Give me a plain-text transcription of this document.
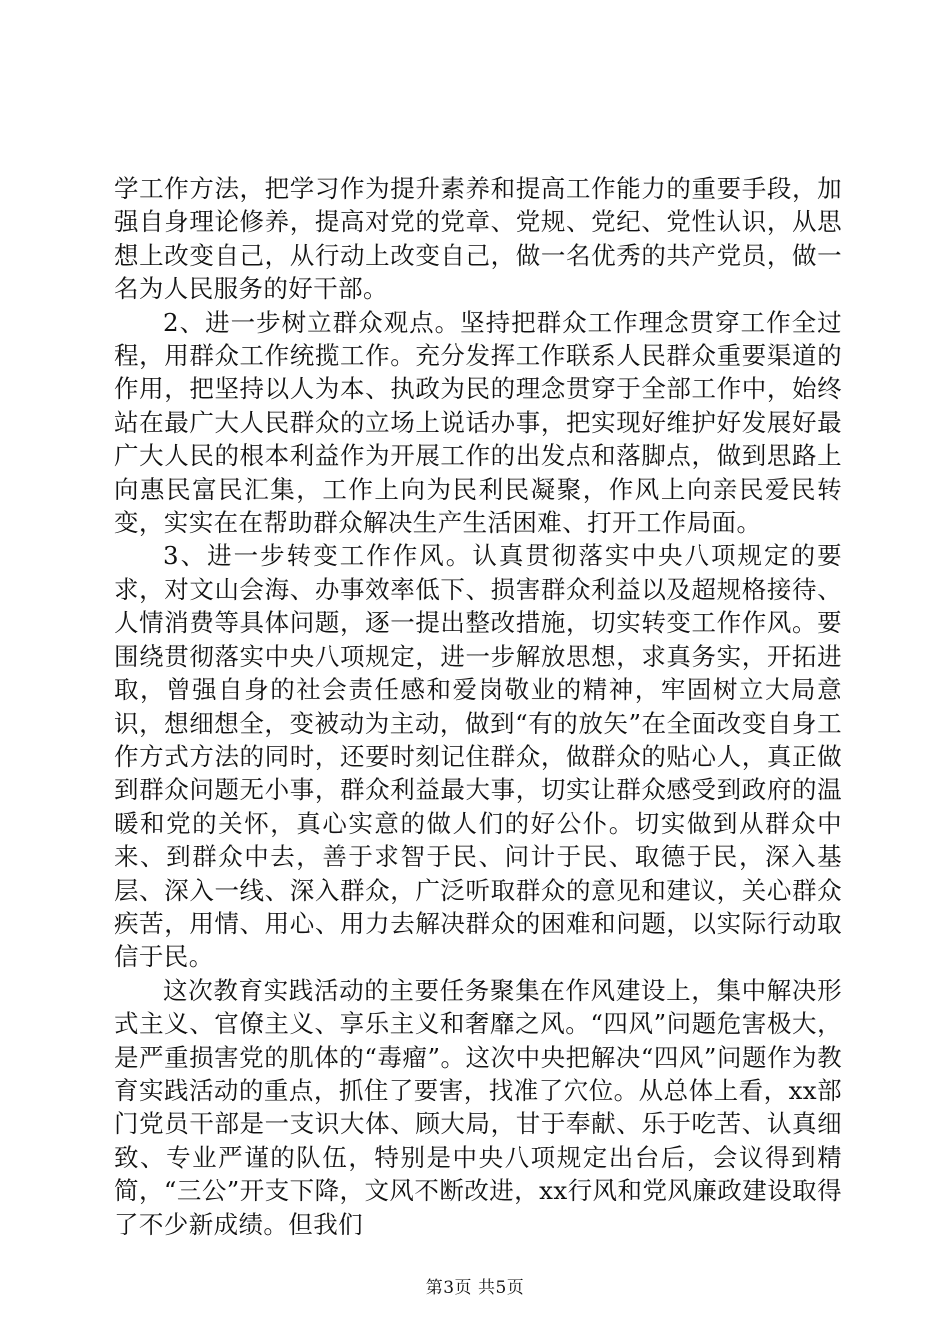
学工作方法，把学习作为提升素养和提高工作能力的重要手段，加强自身理论修养，提高对党的党章、党规、党纪、党性认识，从思想上改变自己，从行动上改变自己，做一名优秀的共产党员，做一名为人民服务的好干部。

2、进一步树立群众观点。坚持把群众工作理念贯穿工作全过程，用群众工作统揽工作。充分发挥工作联系人民群众重要渠道的作用，把坚持以人为本、执政为民的理念贯穿于全部工作中，始终站在最广大人民群众的立场上说话办事，把实现好维护好发展好最广大人民的根本利益作为开展工作的出发点和落脚点，做到思路上向惠民富民汇集，工作上向为民利民凝聚，作风上向亲民爱民转变，实实在在帮助群众解决生产生活困难、打开工作局面。

3、进一步转变工作作风。认真贯彻落实中央八项规定的要求，对文山会海、办事效率低下、损害群众利益以及超规格接待、人情消费等具体问题，逐一提出整改措施，切实转变工作作风。要围绕贯彻落实中央八项规定，进一步解放思想，求真务实，开拓进取，曾强自身的社会责任感和爱岗敬业的精神，牢固树立大局意识，想细想全，变被动为主动，做到“有的放矢”在全面改变自身工作方式方法的同时，还要时刻记住群众，做群众的贴心人，真正做到群众问题无小事，群众利益最大事，切实让群众感受到政府的温暖和党的关怀，真心实意的做人们的好公仆。切实做到从群众中来、到群众中去，善于求智于民、问计于民、取德于民，深入基层、深入一线、深入群众，广泛听取群众的意见和建议，关心群众疾苦，用情、用心、用力去解决群众的困难和问题，以实际行动取信于民。

这次教育实践活动的主要任务聚集在作风建设上，集中解决形式主义、官僚主义、享乐主义和奢靡之风。“四风”问题危害极大，是严重损害党的肌体的“毒瘤”。这次中央把解决“四风”问题作为教育实践活动的重点，抓住了要害，找准了穴位。从总体上看，xx部门党员干部是一支识大体、顾大局，甘于奉献、乐于吃苦、认真细致、专业严谨的队伍，特别是中央八项规定出台后，会议得到精简，“三公”开支下降，文风不断改进，xx行风和党风廉政建设取得了不少新成绩。但我们

第3页 共5页
